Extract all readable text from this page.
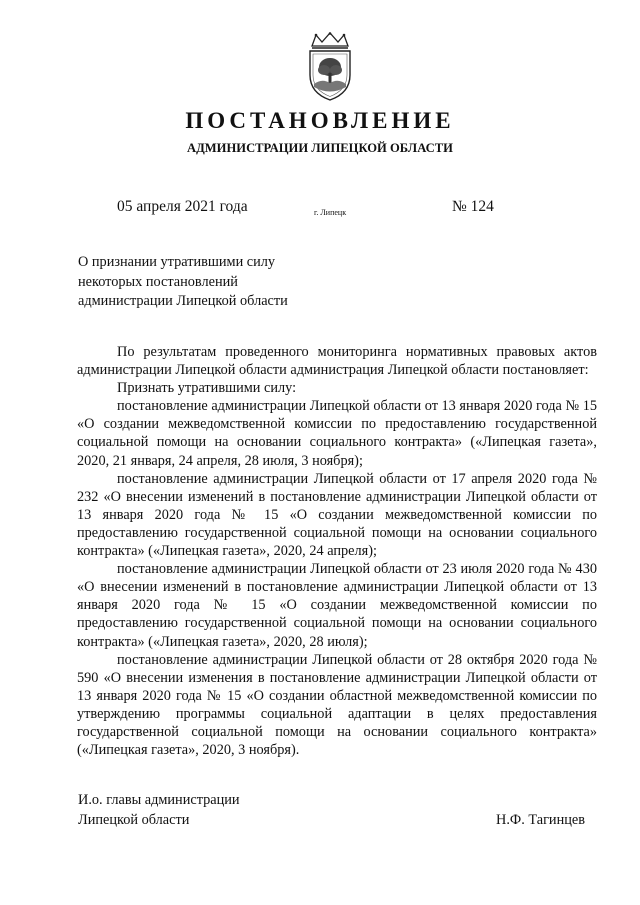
ПОСТАНОВЛЕНИЕ
АДМИНИСТРАЦИИ ЛИПЕЦКОЙ ОБЛАСТИ
05 апреля 2021 года	г. Липецк	№ 124
О признании утратившими силу
некоторых постановлений
администрации Липецкой области

По результатам проведенного мониторинга нормативных правовых актов администрации Липецкой области администрация Липецкой области постановляет:

Признать утратившими силу:

постановление администрации Липецкой области от 13 января 2020 года № 15 «О создании межведомственной комиссии по предоставлению государственной социальной помощи на основании социального контракта» («Липецкая газета», 2020, 21 января, 24 апреля, 28 июля, 3 ноября);

постановление администрации Липецкой области от 17 апреля 2020 года № 232 «О внесении изменений в постановление администрации Липецкой области от 13 января 2020 года № 15 «О создании межведомственной комиссии по предоставлению государственной социальной помощи на основании социального контракта» («Липецкая газета», 2020, 24 апреля);

постановление администрации Липецкой области от 23 июля 2020 года № 430 «О внесении изменений в постановление администрации Липецкой области от 13 января 2020 года № 15 «О создании межведомственной комиссии по предоставлению государственной социальной помощи на основании социального контракта» («Липецкая газета», 2020, 28 июля);

постановление администрации Липецкой области от 28 октября 2020 года № 590 «О внесении изменения в постановление администрации Липецкой области от 13 января 2020 года № 15 «О создании областной межведомственной комиссии по утверждению программы социальной адаптации в целях предоставления государственной социальной помощи на основании социального контракта» («Липецкая газета», 2020, 3 ноября).

И.о. главы администрации
Липецкой области	Н.Ф. Тагинцев
